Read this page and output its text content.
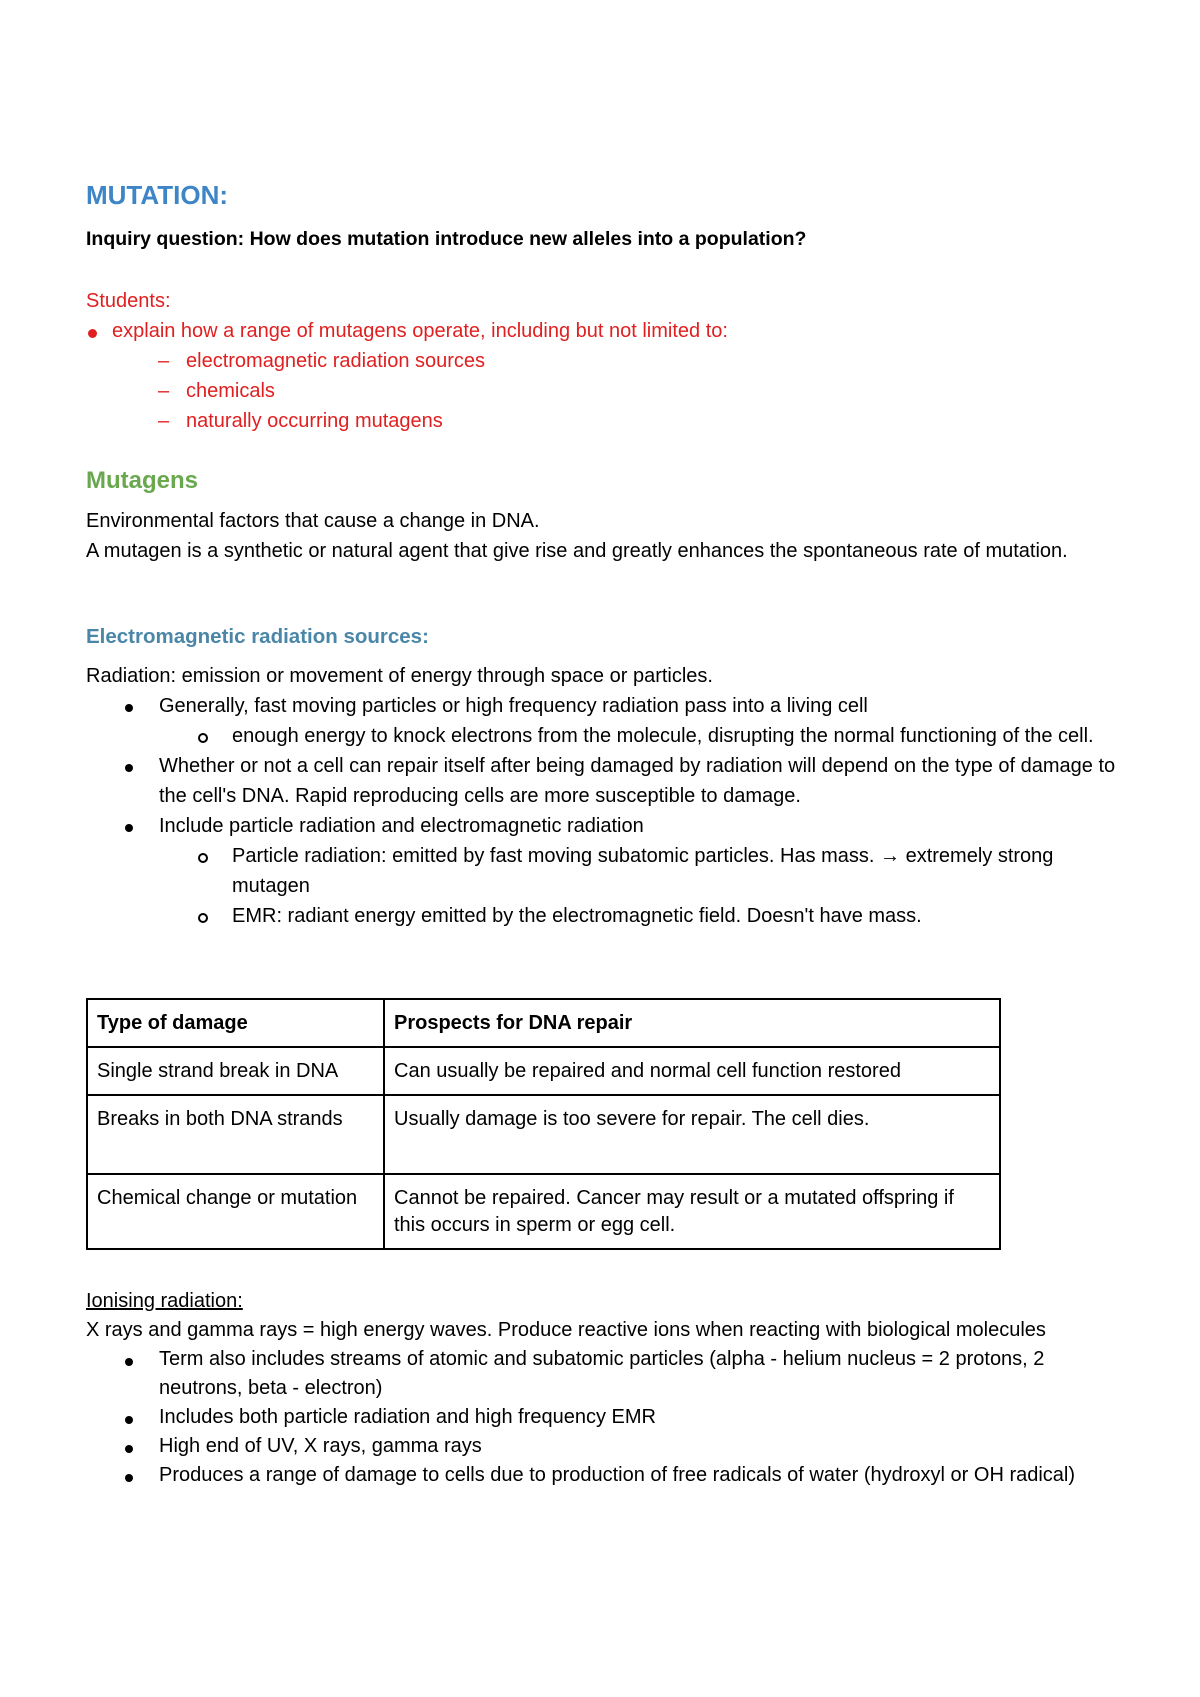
MUTATION:

Inquiry question: How does mutation introduce new alleles into a population?

Students:

explain how a range of mutagens operate, including but not limited to:
– electromagnetic radiation sources
– chemicals
– naturally occurring mutagens
Mutagens

Environmental factors that cause a change in DNA.

A mutagen is a synthetic or natural agent that give rise and greatly enhances the spontaneous rate of mutation.

Electromagnetic radiation sources:

Radiation: emission or movement of energy through space or particles.

Generally, fast moving particles or high frequency radiation pass into a living cell
enough energy to knock electrons from the molecule, disrupting the normal functioning of the cell.
Whether or not a cell can repair itself after being damaged by radiation will depend on the type of damage to the cell's DNA. Rapid reproducing cells are more susceptible to damage.
Include particle radiation and electromagnetic radiation
Particle radiation: emitted by fast moving subatomic particles. Has mass. → extremely strong mutagen
EMR: radiant energy emitted by the electromagnetic field. Doesn't have mass.
Type of damage	Prospects for DNA repair
Single strand break in DNA	Can usually be repaired and normal cell function restored
Breaks in both DNA strands	Usually damage is too severe for repair. The cell dies.
Chemical change or mutation	Cannot be repaired. Cancer may result or a mutated offspring if this occurs in sperm or egg cell.

Ionising radiation:

X rays and gamma rays = high energy waves. Produce reactive ions when reacting with biological molecules

Term also includes streams of atomic and subatomic particles (alpha - helium nucleus = 2 protons, 2 neutrons, beta - electron)
Includes both particle radiation and high frequency EMR
High end of UV, X rays, gamma rays
Produces a range of damage to cells due to production of free radicals of water (hydroxyl or OH radical)
